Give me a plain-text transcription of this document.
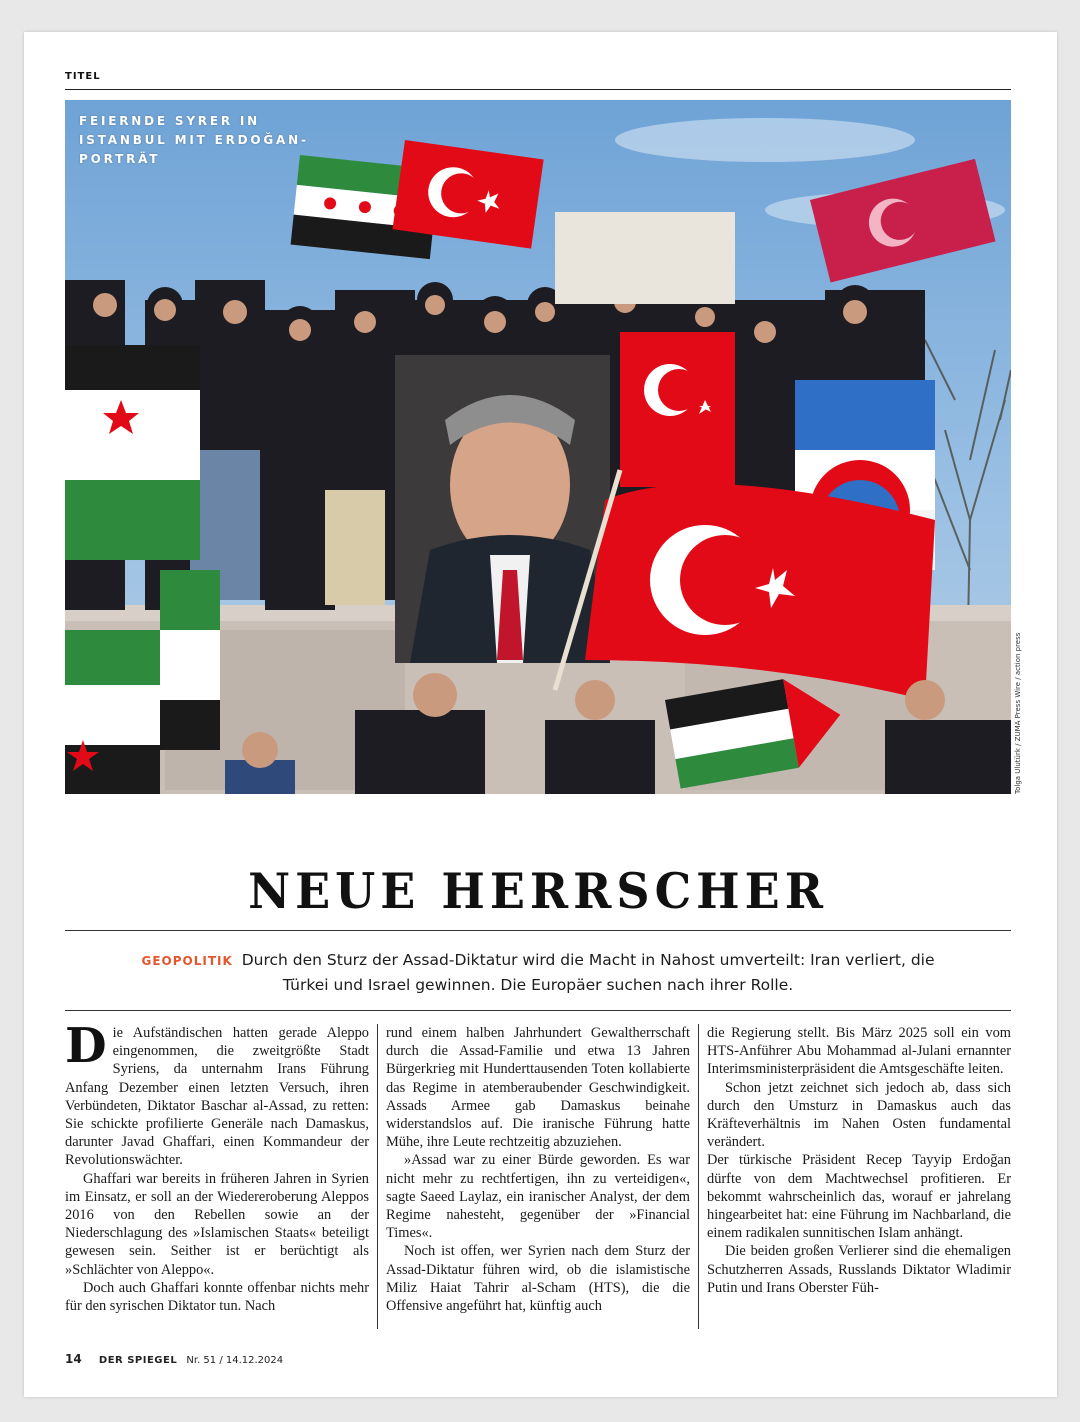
TITEL
FEIERNDE SYRER IN ISTANBUL MIT ERDOĞAN-PORTRÄT
Tolga Ulutürk / ZUMA Press Wire / action press
NEUE HERRSCHER
GEOPOLITIK Durch den Sturz der Assad-Diktatur wird die Macht in Nahost umverteilt: Iran verliert, die Türkei und Israel gewinnen. Die Europäer suchen nach ihrer Rolle.

Die Aufständischen hatten gerade Aleppo eingenommen, die zweitgrößte Stadt Syriens, da unternahm Irans Führung Anfang Dezember einen letzten Versuch, ihren Verbündeten, Diktator Baschar al-Assad, zu retten: Sie schickte profilierte Generäle nach Damaskus, darunter Javad Ghaffari, einen Kommandeur der Revolutionswächter.

Ghaffari war bereits in früheren Jahren in Syrien im Einsatz, er soll an der Wiedereroberung Aleppos 2016 von den Rebellen sowie an der Niederschlagung des »Islamischen Staats« beteiligt gewesen sein. Seither ist er berüchtigt als »Schlächter von Aleppo«.

Doch auch Ghaffari konnte offenbar nichts mehr für den syrischen Diktator tun. Nach

rund einem halben Jahrhundert Gewaltherrschaft durch die Assad-Familie und etwa 13 Jahren Bürgerkrieg mit Hunderttausenden Toten kollabierte das Regime in atemberaubender Geschwindigkeit. Assads Armee gab Damaskus beinahe widerstandslos auf. Die iranische Führung hatte Mühe, ihre Leute rechtzeitig abzuziehen.

»Assad war zu einer Bürde geworden. Es war nicht mehr zu rechtfertigen, ihn zu verteidigen«, sagte Saeed Laylaz, ein iranischer Analyst, der dem Regime nahesteht, gegenüber der »Financial Times«.

Noch ist offen, wer Syrien nach dem Sturz der Assad-Diktatur führen wird, ob die islamistische Miliz Haiat Tahrir al-Scham (HTS), die die Offensive angeführt hat, künftig auch

die Regierung stellt. Bis März 2025 soll ein vom HTS-Anführer Abu Mohammad al-Julani ernannter Interimsministerpräsident die Amtsgeschäfte leiten.

Schon jetzt zeichnet sich jedoch ab, dass sich durch den Umsturz in Damaskus auch das Kräfteverhältnis im Nahen Osten fundamental verändert.

Der türkische Präsident Recep Tayyip Erdoğan dürfte von dem Machtwechsel profitieren. Er bekommt wahrscheinlich das, worauf er jahrelang hingearbeitet hat: eine Führung im Nachbarland, die einem radikalen sunnitischen Islam anhängt.

Die beiden großen Verlierer sind die ehemaligen Schutzherren Assads, Russlands Diktator Wladimir Putin und Irans Oberster Füh-

14 DER SPIEGEL Nr. 51 / 14.12.2024
